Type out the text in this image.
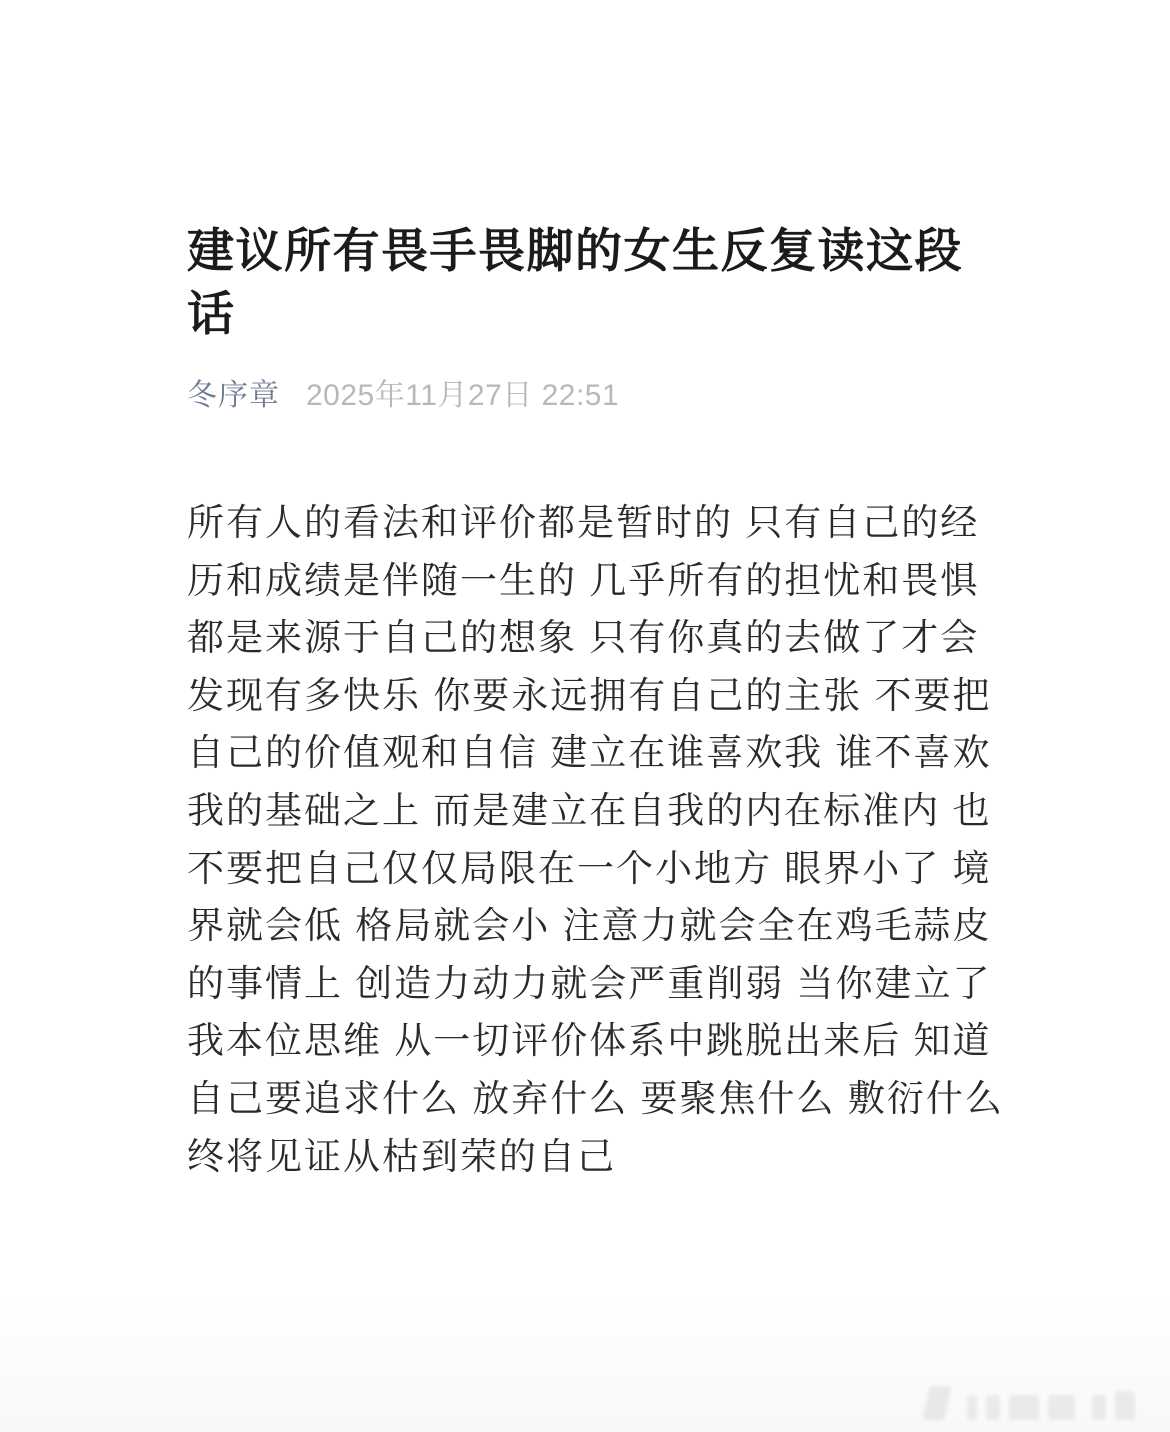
建议所有畏手畏脚的女生反复读这段
话
冬序章 2025年11月27日 22:51
所有人的看法和评价都是暂时的 只有自己的经
历和成绩是伴随一生的 几乎所有的担忧和畏惧
都是来源于自己的想象 只有你真的去做了才会
发现有多快乐 你要永远拥有自己的主张 不要把
自己的价值观和自信 建立在谁喜欢我 谁不喜欢
我的基础之上 而是建立在自我的内在标准内 也
不要把自己仅仅局限在一个小地方 眼界小了 境
界就会低 格局就会小 注意力就会全在鸡毛蒜皮
的事情上 创造力动力就会严重削弱 当你建立了
我本位思维 从一切评价体系中跳脱出来后 知道
自己要追求什么 放弃什么 要聚焦什么 敷衍什么
终将见证从枯到荣的自己
